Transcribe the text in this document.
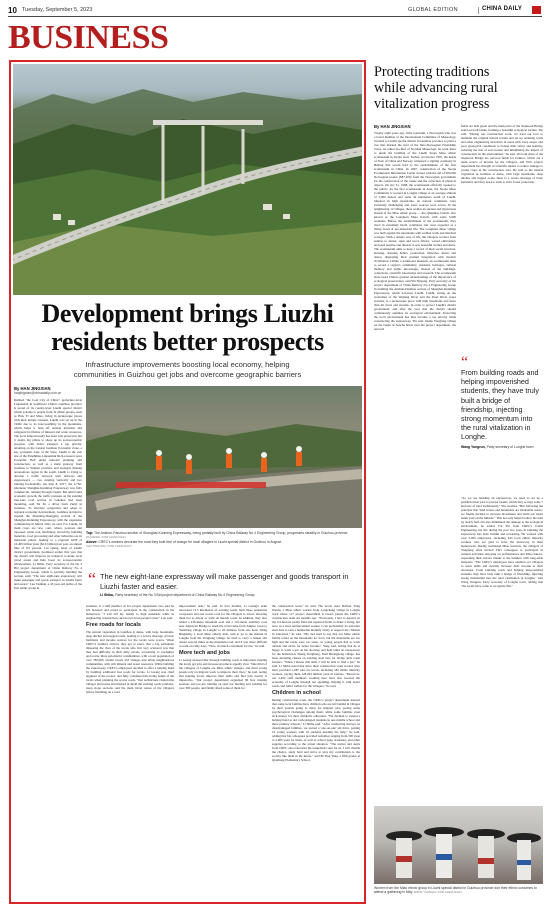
10 Tuesday, September 5, 2023	GLOBAL EDITION	CHINA DAILY
BUSINESS
Development brings Liuzhi
residents better prospects
Infrastructure improvements boosting local economy, helping
communities in Guizhou get jobs and overcome geographic barriers
By HAN JINGXIAN
hanjingxian@chinadaily.com.cn

Dubbed "the Coal City of China", prefecture-level Liupanshui in Southwest China's Guizhou province is proud of its county-level Liuzhi special district which is home to people from 32 ethnic groups, such as Han, Yi and Miao, living in picturesque places with their unique customs. Liuzhi was set up in the 1960s due to its inaccessibility in the mountains, which helps it fend off outside intrusion and safeguard its lifeline of mineral and water resources. The local natural beauty has been well preserved, but it awaits big pillars to shore up its socioeconomic progress, with better transport a top priority. Abutting on the Central Guizhou Economic Zone, a key economic zone of the State, Liuzhi is the east site of the Panzhihua-Liupanshui Rich-resource Area Economic Belt under national planning and construction, as well as a main gateway from Guizhou to Yunnan province and Guangxi Zhuang autonomous region in the south. Liuzhi is trying to develop a traffic network with railways and expressways — two running vertically and two running horizontally. On Sept 8, 2017, the 2,730-kilometer Shanghai-Kunming Expressway was fully commercial, running through Liuzhi. But amid rapid economic growth, the traffic pressure on the existing four-lane road section in Guizhou had been mounting, said Tai Xi, a driver from Zunyi in Guizhou. To alleviate congestion and adapt to regional economic development, Guizhou decided to expand the Zhenning-Shengjing section of the Shanghai-Kunming Expressway, with the expansion commencing in March 2021, he said. For Liuzhi, its main crops are rice, corn, wheat, potatoes and rapeseed, while coal, machinery, electricity, building materials, food processing and other industries are its industrial pillars, leading to a regional GDP of 16.409 billion yuan ($2.6 billion) last year, an annual hike of 8.5 percent. Liu Qiang, head of Liuzhi district government, promised earlier this year that the district will improve its transport to make local travel easier and help boost its socioeconomic advancement. Li Shibu, Party secretary of the No 3 Bid project department of China Railway No 4 Engineering Group, which is partially building the section, said: "The new eight-lane expressway will make passenger and goods transport in Liuzhi faster and easier." Luo Tianhan, a 45-year-old native of the first ethnic group in

Top: The Anshun-Panzhou section of Shanghai-Kunming Expressway, being partially built by China Railway No 4 Engineering Group, progresses steadily in Guizhou province.
WU DESHI / FOR CHINA DAILY
Above: CREC's workers decorate the road they built free of charge for local villagers in Liuzhi special district in Guizhou in August.
CHA TINGTING / FOR CHINA DAILY
“ The new eight-lane expressway will make passenger and goods transport in Liuzhi faster and easier.
Li Shibu, Party secretary of the No 3 Bid project department of China Railway No 4 Engineering Group

Guizhou, is a staff member of Li's project department. Luo said he felt honored and proud to participate in the construction in his hometown. "I will tell my family to high standards while in engineering construction, and not let down people's trust," Luo said.

Free roads for locals

The natural vegetation in Guizhou is dense, with large mountains, deep ditches and rugged roads, leading to a severe shortage of basic farmland, and income sources for the locals were scarce. When CREC's builders arrived, they got to know that a big settlement disposing the lives of the locals who live very scattered was that they had difficulty in their daily travels. Governing 11 townships and towns, three sub-district communities, with a total population of over 780,000, Liuzhi boasts 253 villages and urban neighborhood communities, with rich mineral and water resources. While building the expressway, CREC's employees decided to offer a helping hand by building additional free roads for locals. Li Guang was chief engineer of the project, and fully considered the living habits of the locals when planning the access roads. "Our technicians visited nine villages and towns and marked in detail the existing roads' potholes, steep slope sections, and the main travel routes of the villagers before finalizing on a road

improvement task," he said. In four months, Li Guang's team renovated 13.5 kilometers of existing roads, built three pedestrian overpasses and one access road for the villagers to travel, allowing them not to detour or walk on muddy roads. In addition, they also added a 436-meter mountain road and a 110-meter auxiliary road near Anjiawan Bridge to slash the travel time from Xinjiao town to Yenshong village in Longhe to 20 minutes from one hour. Wang Bingming, a local Miao elderly man, said to go to the market in Longhe from his Yongfeng village, he used to carry a basket and detour several miles as the mountain road, and it was more difficult to walk on rainy days. "Now, it's much convenient for me," he said.

More tech and jobs

Li Guang stressed that through building roads is important, helping the locals get jobs and increase income is equally vital. "One third of the villagers of Longhe are Miao ethnic villages, and most young people rely on migrant work to improve their lives," he said, noting that helping locals improve their skills and find jobs nearby is imperative. "Our project department organized 86 free training sessions and pre-job training on steel bar binding and welding for over 300 people, and finally hired some of them for

the construction work," he said. The locals were thrilled. Yang Wenfu, a Miao ethnic worker from Longchang village in Longhe town where 12+ project department is based, joined the CREC's construction team six months ago. "Previously, I had to depend on my 0.2-hectare paddy field and explored fields to make a living, but now, as a steel reinforcement worker, I can proficiently tie and knot steel bars to earn a handsome monthly salary to support my children in education," he said. "My dad used to say that our Miao ethnic family relied on the mountains for food, but the mountains are too high and the roads were too steep, so young people had to work outside and strive for better income," Yang said, noting that he is happy to work a job on his doorstep and help build an expressway for the hometown. Zhang Yonghong, from Huangdong village, has been attending classes on welding steel bars for bridge deck crash barriers. "When I master this skill, I will be able to find a job," he said. Li Shibu noted that since their construction work started, they have provided 1,087 jobs for locals, including 182 ethnic minority workers, paying them 128.264 million yuan in salaries. "Moreover, our 2,400 staff members working here have also boosted the economy of Longhe through our spending, helping it with better roads, and fuller wallets for the villagers," he said.

Children in school

During construction work, the CREC's project department learned that some local families have children who are left behind in villages by their parents going to cities for migrant jobs, posing some psychological challenges among them, while some families even lack money for their children's education. "We decided to extend a helping hand to aid cash-strapped students in one middle school and three primary schools," Li Shibu said. "After conducting surveys on disadvantaged families, we started a 'one-on-one' aid drive, pairing 10 young workers with 10 students needing the help," he said, adding that his colleagues provided subsidies ranging from 500 yuan to 2,000 yuan for them, as well as school bags, stationery and other supplies according to the actual situation. "The uncles and aunts from CREC also renovated the basketball court for us. I will cherish the chance, study hard and strive to play my contribution to the society like them in the future," said Bi Ting Yang, a fifth grader at Qianliang Elementary School.

Protecting traditions
while advancing rural
vitalization progress
By HAN JINGXIAN

Twenty eight years ago, Jiibu Gjestrum, a Norwegian who was a board member of the International Committee of Museology, traveled to Liuzhi special district in Guizhou province to plant a tree that marked the start of the Sino-Norwegian Friendship Trees. As editor-in-chief of Nordisk Museologi, he went there to guide the building of the Liuzhi Suoja Miao ethnic ecomuseum in Suojia town. Earlier, in October 1997, the heads of State of China and Norway witnessed a signing ceremony in Beijing that would lead to the establishment of the first ecomuseum in China. In 1997, construction of the Suojia Ecomuseum Information Center started with the aid of 900,000 Norwegian kroner ($87,200) from the Norwegian government for the construction of the venue and the collection of physical objects. On Oct 31, 1998, the ecomuseum officially opened to the public. As the first ecomuseum in Asia, the Suojia Miao Community is located in Longjia village at an average altitude of 2,000 meters and some 42 kilometers north of Liuzhi. Situated in high mountains, its natural conditions were extremely challenging and water sources were scarce. In the neighboring 12 villages, there resides an ancient and mysterious branch of the Miao ethnic group — the Qingmiao branch, also known as the Longhorn Miao branch, with some 5,000 residents. Before the establishment of the ecomuseum, they lived in extremely harsh conditions and were regarded as a living fossil of pre-industrial life. The Longhorn Miao village was built against the mountains with earthen walls and thatched cottages. With a simple way of life, the villagers worked from sunrise to sunset, spun and wove fabrics, waxed embroidery and used needles and threads to sew beautiful clothes and skirts. The ecomuseum aims to keep a record of their social structure, housing, dressing habits, production, lifestyles, music and dance, displaying their gradual integration with modern civilization. Unlike a traditional museum, an ecomuseum aims to record a region's community, residents, heritages, cultural memory and public knowledge, instead of the buildings, collections, scientific knowledge and research. The ecomuseum showcased China's gradual understanding of the importance of ecological preservation, said Yin Shigang, Party secretary of the project department of China Railway No 4 Engineering Group in building the Anshun-Panzhou section of Shanghai-Kunming Expressway, which traverses Liuzhi. Liuzhi, sitting on the watershed of the Wujiang River and the Pearl River water systems, is a picturesque place with high mountains and more than 40 rivers and streams. In order to protect Liuzhi's district government, and after the year that the district should continuously optimize its ecological environment. Protecting the local environment has thus become a top priority while constructing the expressway, Yin said. Inside Yongfeng village on the banks of Sancha River near his project department, the terraced

fields are lush green and the main piers of the Xujiawan Bridge stand on both banks, forming a beautiful ecological picture, Yin said. "During our construction work, we tried our best to maintain the original natural terrain and set up retaining walls and other engineering structures in areas with steep slopes and poor geological conditions to bolster their safety and stability, reducing the risk of soil erosion and minimizing the impact of construction on the environment," he said. On both sides of the Xujiawan Bridge are terraced fields for farmers, which are a main source of income for the villagers, and Yin's project department has thought of scientific means to reduce damage to young crops in the construction area. He said as the natural vegetation in Guizhou is dense, with large mountains, deep ditches and rugged roads, there is a severe shortage of basic farmland, and they need to stick to strict forest protection.

“
From building roads and helping impoverished students, they have truly built a bridge of friendship, injecting strong momentum into the rural vitalization in Longhe.
Wang Yongrun, Party secretary of Longhe town

"As we are building an expressway, we need to set up a prefabrication yard to precast beams, which may occupy some 7 hectares of land traditionally," Yin recalled. "But following the principle that 'land waters and mountains are invaluable assets,' we finally decided to increase investment and build our smart beam yard on the hillside." This not only helped reduce the land by nearly half, but also minimized the damage to the ecological environment, he added. For Yin from CREC's fourth Engineering, his life during the past two years in building the expressway has been fruitful and rewarding. He worked with over 3,400 employees, including 443 local ethnic minority workers who are glad to have the motorway in their hometowns. During traditional Miao festivals, the villagers of Yongfeng often invited Yin's colleagues to participate in cultural activities, enjoying art performances and Miao dances, expressing their sincere thanks to the builders with long-table banquets. "The CREC's employees have enabled our villagers to learn skills and steadily increase their income at their doorsteps. From building roads and helping impoverished students, they have truly built a bridge of friendship, injecting strong momentum into the rural vitalization in Longhe," said Wang Yongrun, Party secretary of Longhe town, adding that "the locals have come to recognize this."

Women from the Miao ethnic group in Liuzhi special district in Guizhou province don their ethnic costumes to attend a gathering in May. WANG YUANHUI / FOR CHINA DAILY
